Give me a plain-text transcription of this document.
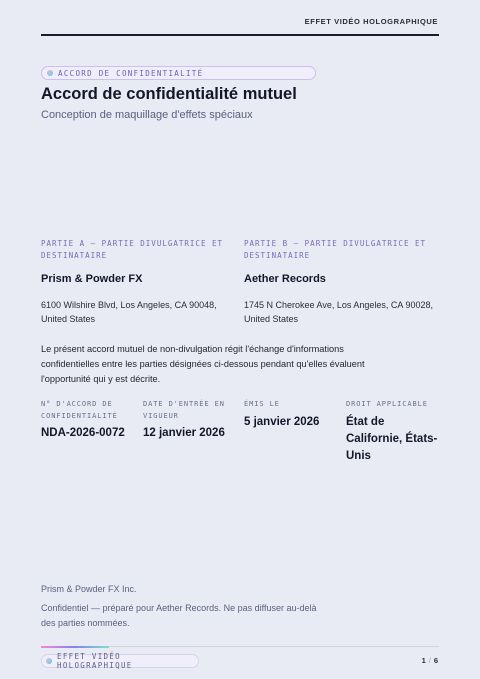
EFFET VIDÉO HOLOGRAPHIQUE
ACCORD DE CONFIDENTIALITÉ
Accord de confidentialité mutuel
Conception de maquillage d'effets spéciaux
PARTIE A — PARTIE DIVULGATRICE ET DESTINATAIRE
Prism & Powder FX
6100 Wilshire Blvd, Los Angeles, CA 90048, United States
PARTIE B — PARTIE DIVULGATRICE ET DESTINATAIRE
Aether Records
1745 N Cherokee Ave, Los Angeles, CA 90028, United States
Le présent accord mutuel de non-divulgation régit l'échange d'informations confidentielles entre les parties désignées ci-dessous pendant qu'elles évaluent l'opportunité qui y est décrite.
N° D'ACCORD DE CONFIDENTIALITÉ
NDA-2026-0072
DATE D'ENTRÉE EN VIGUEUR
12 janvier 2026
ÉMIS LE
5 janvier 2026
DROIT APPLICABLE
État de Californie, États-Unis
Prism & Powder FX Inc.
Confidentiel — préparé pour Aether Records. Ne pas diffuser au-delà des parties nommées.
EFFET VIDÉO HOLOGRAPHIQUE
1 / 6
